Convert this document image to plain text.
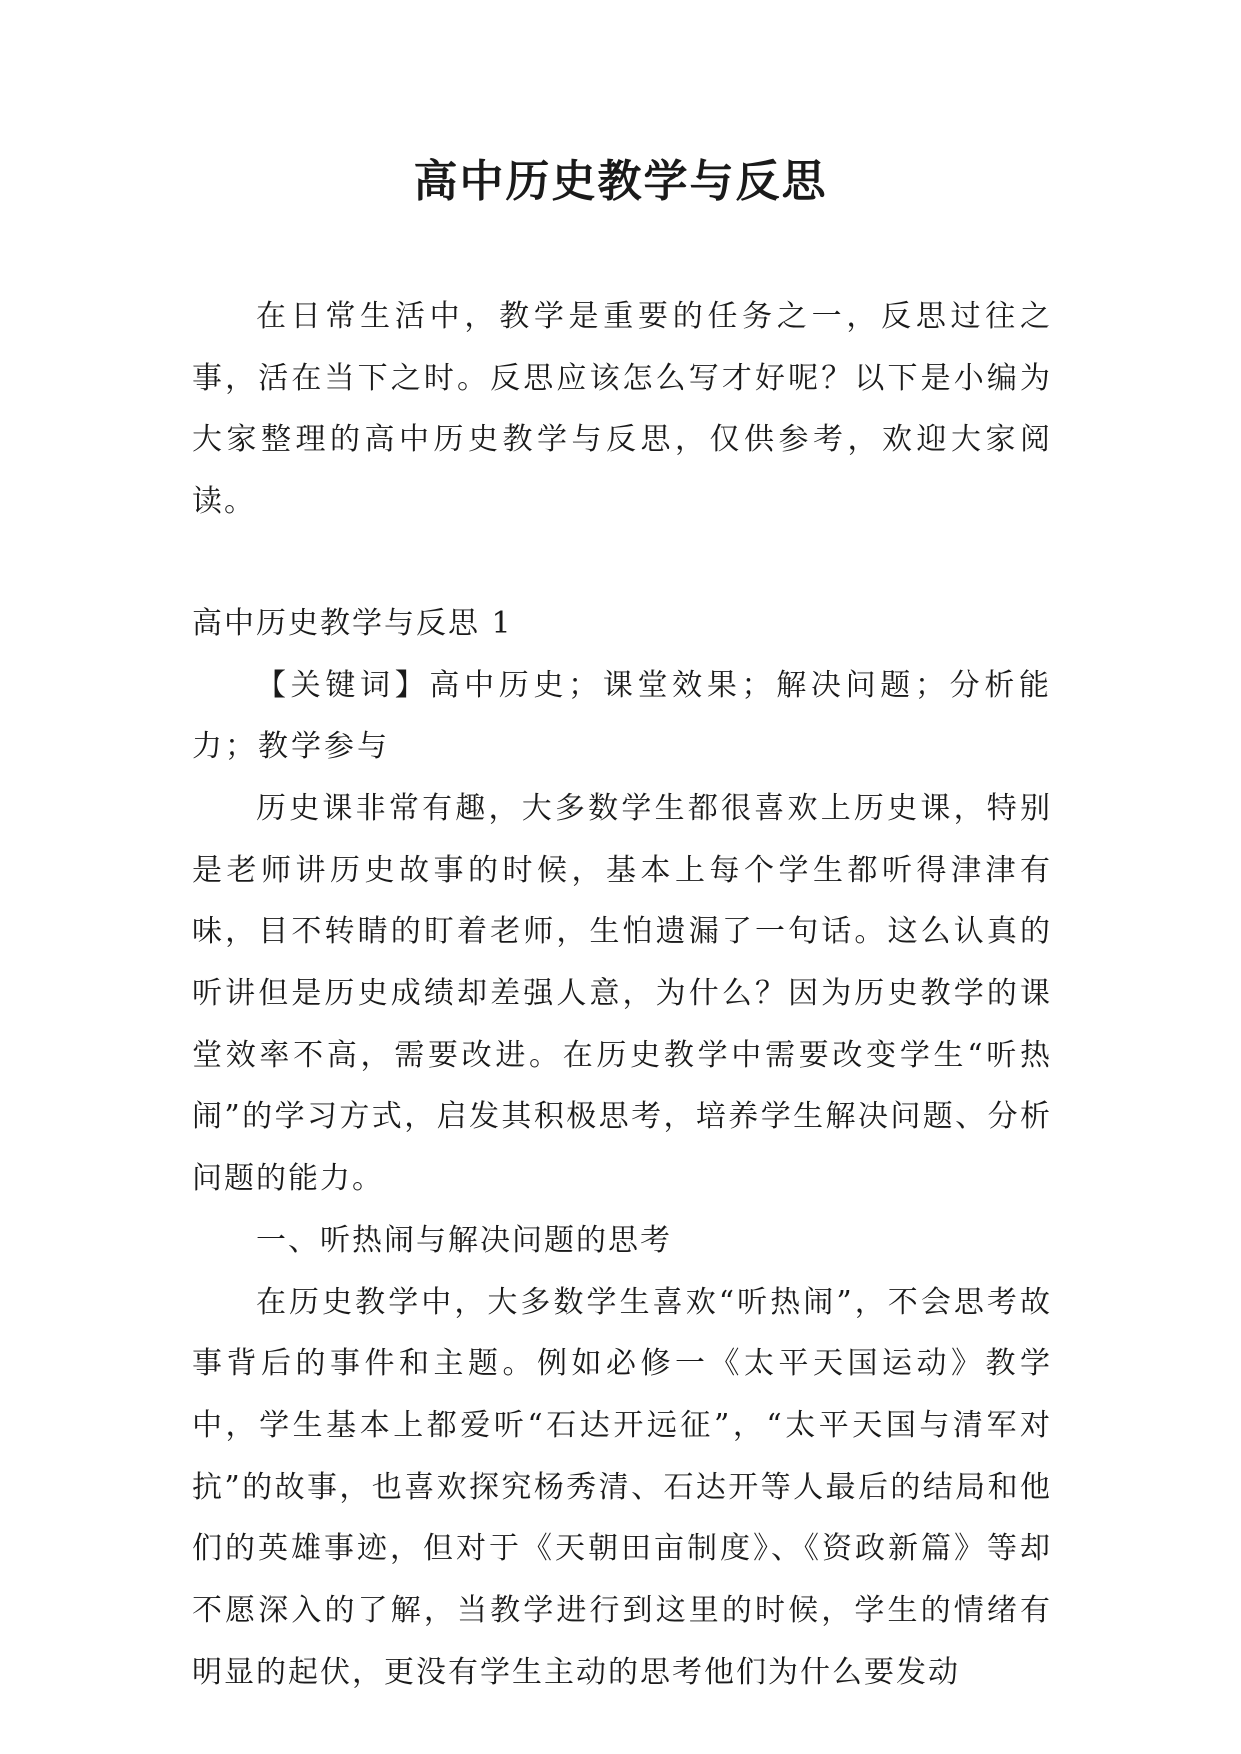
高中历史教学与反思

在日常生活中，教学是重要的任务之一，反思过往之事，活在当下之时。反思应该怎么写才好呢？以下是小编为大家整理的高中历史教学与反思，仅供参考，欢迎大家阅读。

高中历史教学与反思 1

【关键词】高中历史；课堂效果；解决问题；分析能力；教学参与

历史课非常有趣，大多数学生都很喜欢上历史课，特别是老师讲历史故事的时候，基本上每个学生都听得津津有味，目不转睛的盯着老师，生怕遗漏了一句话。这么认真的听讲但是历史成绩却差强人意，为什么？因为历史教学的课堂效率不高，需要改进。在历史教学中需要改变学生“听热闹”的学习方式，启发其积极思考，培养学生解决问题、分析问题的能力。

一、听热闹与解决问题的思考

在历史教学中，大多数学生喜欢“听热闹”，不会思考故事背后的事件和主题。例如必修一《太平天国运动》教学中，学生基本上都爱听“石达开远征”，“太平天国与清军对抗”的故事，也喜欢探究杨秀清、石达开等人最后的结局和他们的英雄事迹，但对于《天朝田亩制度》、《资政新篇》等却不愿深入的了解，当教学进行到这里的时候，学生的情绪有明显的起伏，更没有学生主动的思考他们为什么要发动
